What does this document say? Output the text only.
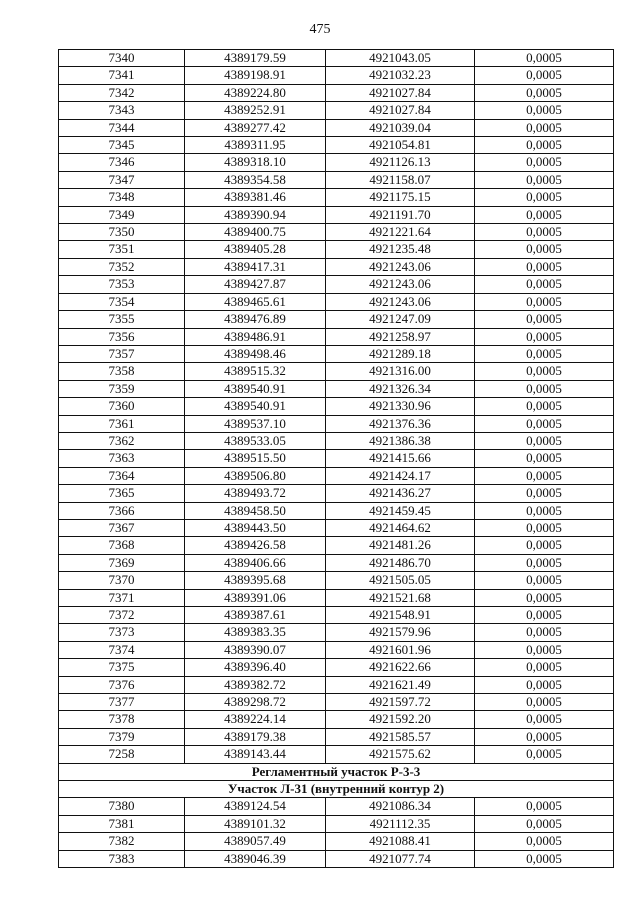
475
7340	4389179.59	4921043.05	0,0005
7341	4389198.91	4921032.23	0,0005
7342	4389224.80	4921027.84	0,0005
7343	4389252.91	4921027.84	0,0005
7344	4389277.42	4921039.04	0,0005
7345	4389311.95	4921054.81	0,0005
7346	4389318.10	4921126.13	0,0005
7347	4389354.58	4921158.07	0,0005
7348	4389381.46	4921175.15	0,0005
7349	4389390.94	4921191.70	0,0005
7350	4389400.75	4921221.64	0,0005
7351	4389405.28	4921235.48	0,0005
7352	4389417.31	4921243.06	0,0005
7353	4389427.87	4921243.06	0,0005
7354	4389465.61	4921243.06	0,0005
7355	4389476.89	4921247.09	0,0005
7356	4389486.91	4921258.97	0,0005
7357	4389498.46	4921289.18	0,0005
7358	4389515.32	4921316.00	0,0005
7359	4389540.91	4921326.34	0,0005
7360	4389540.91	4921330.96	0,0005
7361	4389537.10	4921376.36	0,0005
7362	4389533.05	4921386.38	0,0005
7363	4389515.50	4921415.66	0,0005
7364	4389506.80	4921424.17	0,0005
7365	4389493.72	4921436.27	0,0005
7366	4389458.50	4921459.45	0,0005
7367	4389443.50	4921464.62	0,0005
7368	4389426.58	4921481.26	0,0005
7369	4389406.66	4921486.70	0,0005
7370	4389395.68	4921505.05	0,0005
7371	4389391.06	4921521.68	0,0005
7372	4389387.61	4921548.91	0,0005
7373	4389383.35	4921579.96	0,0005
7374	4389390.07	4921601.96	0,0005
7375	4389396.40	4921622.66	0,0005
7376	4389382.72	4921621.49	0,0005
7377	4389298.72	4921597.72	0,0005
7378	4389224.14	4921592.20	0,0005
7379	4389179.38	4921585.57	0,0005
7258	4389143.44	4921575.62	0,0005
Регламентный участок Р-3-3			
Участок Л-31 (внутренний контур 2)			
7380	4389124.54	4921086.34	0,0005
7381	4389101.32	4921112.35	0,0005
7382	4389057.49	4921088.41	0,0005
7383	4389046.39	4921077.74	0,0005
